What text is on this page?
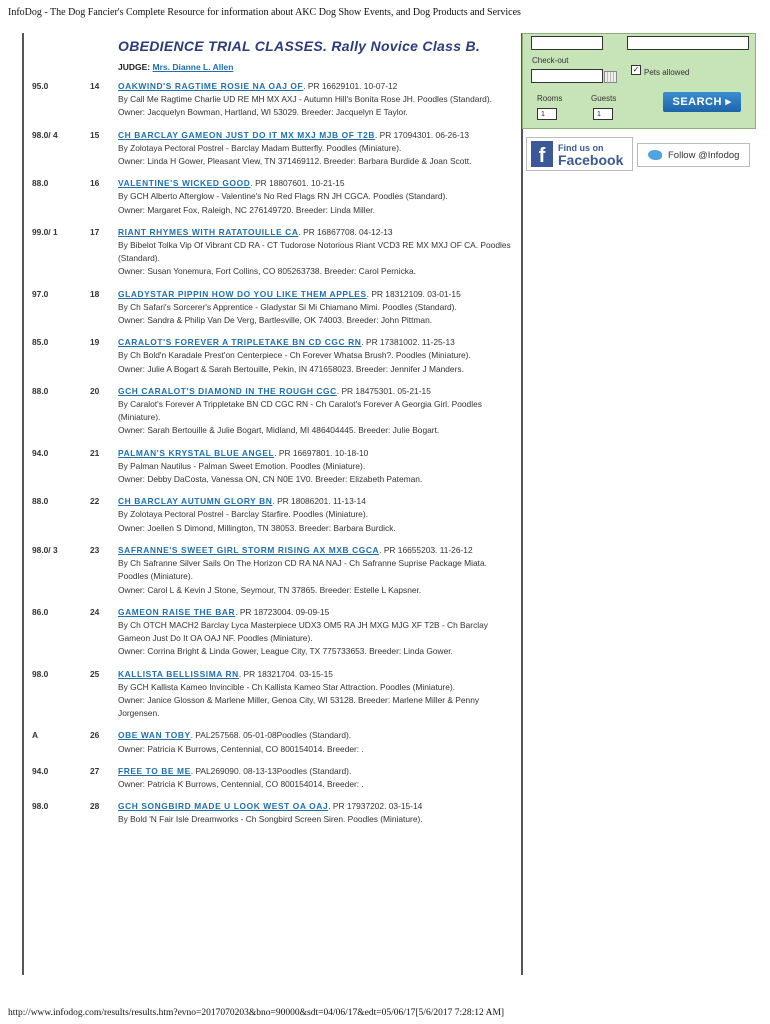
InfoDog - The Dog Fancier's Complete Resource for information about AKC Dog Show Events, and Dog Products and Services
OBEDIENCE TRIAL CLASSES. Rally Novice Class B.
JUDGE: Mrs. Dianne L. Allen
95.0	14	OAKWIND'S RAGTIME ROSIE NA OAJ OF. PR 16629101. 10-07-12
By Call Me Ragtime Charlie UD RE MH MX AXJ - Autumn Hill's Bonita Rose JH. Poodles (Standard).
Owner: Jacquelyn Bowman, Hartland, WI 53029. Breeder: Jacquelyn E Taylor.
98.0/ 4	15	CH BARCLAY GAMEON JUST DO IT MX MXJ MJB OF T2B. PR 17094301. 06-26-13
By Zolotaya Pectoral Postrel - Barclay Madam Butterfly. Poodles (Miniature).
Owner: Linda H Gower, Pleasant View, TN 371469112. Breeder: Barbara Burdide & Joan Scott.
88.0	16	VALENTINE'S WICKED GOOD. PR 18807601. 10-21-15
By GCH Alberto Afterglow - Valentine's No Red Flags RN JH CGCA. Poodles (Standard).
Owner: Margaret Fox, Raleigh, NC 276149720. Breeder: Linda Miller.
99.0/ 1	17	RIANT RHYMES WITH RATATOUILLE CA. PR 16867708. 04-12-13
By Bibelot Tolka Vip Of Vibrant CD RA - CT Tudorose Notorious Riant VCD3 RE MX MXJ OF CA. Poodles (Standard).
Owner: Susan Yonemura, Fort Collins, CO 805263738. Breeder: Carol Pernicka.
97.0	18	GLADYSTAR PIPPIN HOW DO YOU LIKE THEM APPLES. PR 18312109. 03-01-15
By Ch Safari's Sorcerer's Apprentice - Gladystar Si Mi Chiamano Mimi. Poodles (Standard).
Owner: Sandra & Philip Van De Verg, Bartlesville, OK 74003. Breeder: John Pittman.
85.0	19	CARALOT'S FOREVER A TRIPLETAKE BN CD CGC RN. PR 17381002. 11-25-13
By Ch Bold'n Karadale Prest'on Centerpiece - Ch Forever Whatsa Brush?. Poodles (Miniature).
Owner: Julie A Bogart & Sarah Bertouille, Pekin, IN 471658023. Breeder: Jennifer J Manders.
88.0	20	GCH CARALOT'S DIAMOND IN THE ROUGH CGC. PR 18475301. 05-21-15
By Caralot's Forever A Trippletake BN CD CGC RN - Ch Caralot's Forever A Georgia Girl. Poodles (Miniature).
Owner: Sarah Bertouille & Julie Bogart, Midland, MI 486404445. Breeder: Julie Bogart.
94.0	21	PALMAN'S KRYSTAL BLUE ANGEL. PR 16697801. 10-18-10
By Palman Nautilus - Palman Sweet Emotion. Poodles (Miniature).
Owner: Debby DaCosta, Vanessa ON, CN N0E 1V0. Breeder: Elizabeth Pateman.
88.0	22	CH BARCLAY AUTUMN GLORY BN. PR 18086201. 11-13-14
By Zolotaya Pectoral Postrel - Barclay Starfire. Poodles (Miniature).
Owner: Joellen S Dimond, Millington, TN 38053. Breeder: Barbara Burdick.
98.0/ 3	23	SAFRANNE'S SWEET GIRL STORM RISING AX MXB CGCA. PR 16655203. 11-26-12
By Ch Safranne Silver Sails On The Horizon CD RA NA NAJ - Ch Safranne Suprise Package Miata. Poodles (Miniature).
Owner: Carol L & Kevin J Stone, Seymour, TN 37865. Breeder: Estelle L Kapsner.
86.0	24	GAMEON RAISE THE BAR. PR 18723004. 09-09-15
By Ch OTCH MACH2 Barclay Lyca Masterpiece UDX3 OM5 RA JH MXG MJG XF T2B - Ch Barclay Gameon Just Do It OA OAJ NF. Poodles (Miniature).
Owner: Corrina Bright & Linda Gower, League City, TX 775733653. Breeder: Linda Gower.
98.0	25	KALLISTA BELLISSIMA RN. PR 18321704. 03-15-15
By GCH Kallista Kameo Invincible - Ch Kallista Kameo Star Attraction. Poodles (Miniature).
Owner: Janice Glosson & Marlene Miller, Genoa City, WI 53128. Breeder: Marlene Miller & Penny Jorgensen.
A	26	OBE WAN TOBY. PAL257568. 05-01-08Poodles (Standard).
Owner: Patricia K Burrows, Centennial, CO 800154014. Breeder: .
94.0	27	FREE TO BE ME. PAL269090. 08-13-13Poodles (Standard).
Owner: Patricia K Burrows, Centennial, CO 800154014. Breeder: .
98.0	28	GCH SONGBIRD MADE U LOOK WEST OA OAJ. PR 17937202. 03-15-14
By Bold 'N Fair Isle Dreamworks - Ch Songbird Screen Siren. Poodles (Miniature).
Check-out
✓ Pets allowed
Rooms
1
Guests
1
SEARCH ▸
f	Find us on
Facebook	Follow @Infodog
http://www.infodog.com/results/results.htm?evno=2017070203&bno=90000&sdt=04/06/17&edt=05/06/17[5/6/2017 7:28:12 AM]
